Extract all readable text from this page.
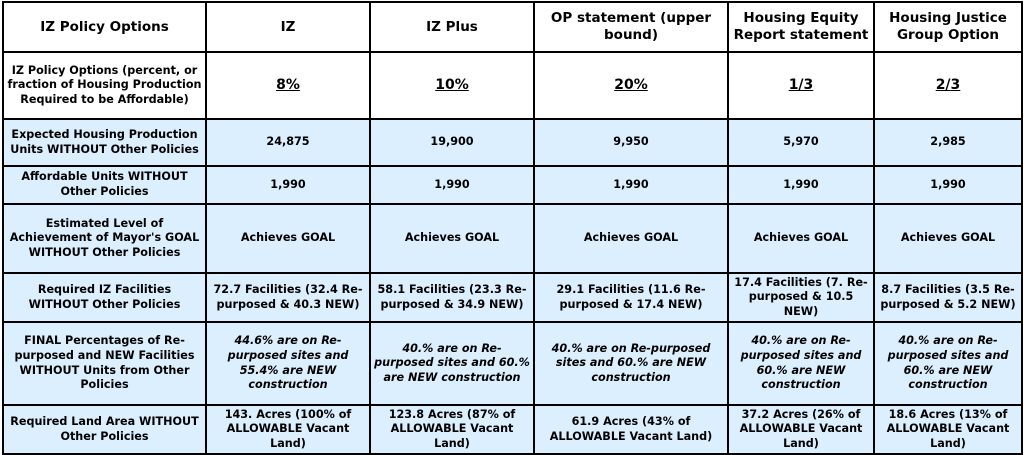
IZ Policy Options	IZ	IZ Plus	OP statement (upper bound)	Housing Equity Report statement	Housing Justice Group Option
IZ Policy Options (percent, or fraction of Housing Production Required to be Affordable)	8%	10%	20%	1/3	2/3
Expected Housing Production Units WITHOUT Other Policies	24,875	19,900	9,950	5,970	2,985
Affordable Units WITHOUT Other Policies	1,990	1,990	1,990	1,990	1,990
Estimated Level of Achievement of Mayor's GOAL WITHOUT Other Policies	Achieves GOAL	Achieves GOAL	Achieves GOAL	Achieves GOAL	Achieves GOAL
Required IZ Facilities WITHOUT Other Policies	72.7 Facilities (32.4 Re-purposed & 40.3 NEW)	58.1 Facilities (23.3 Re-purposed & 34.9 NEW)	29.1 Facilities (11.6 Re-purposed & 17.4 NEW)	17.4 Facilities (7. Re-purposed & 10.5 NEW)	8.7 Facilities (3.5 Re-purposed & 5.2 NEW)
FINAL Percentages of Re-purposed and NEW Facilities WITHOUT Units from Other Policies	44.6% are on Re-purposed sites and 55.4% are NEW construction	40.% are on Re-purposed sites and 60.% are NEW construction	40.% are on Re-purposed sites and 60.% are NEW construction	40.% are on Re-purposed sites and 60.% are NEW construction	40.% are on Re-purposed sites and 60.% are NEW construction
Required Land Area WITHOUT Other Policies	143. Acres (100% of ALLOWABLE Vacant Land)	123.8 Acres (87% of ALLOWABLE Vacant Land)	61.9 Acres (43% of ALLOWABLE Vacant Land)	37.2 Acres (26% of ALLOWABLE Vacant Land)	18.6 Acres (13% of ALLOWABLE Vacant Land)
